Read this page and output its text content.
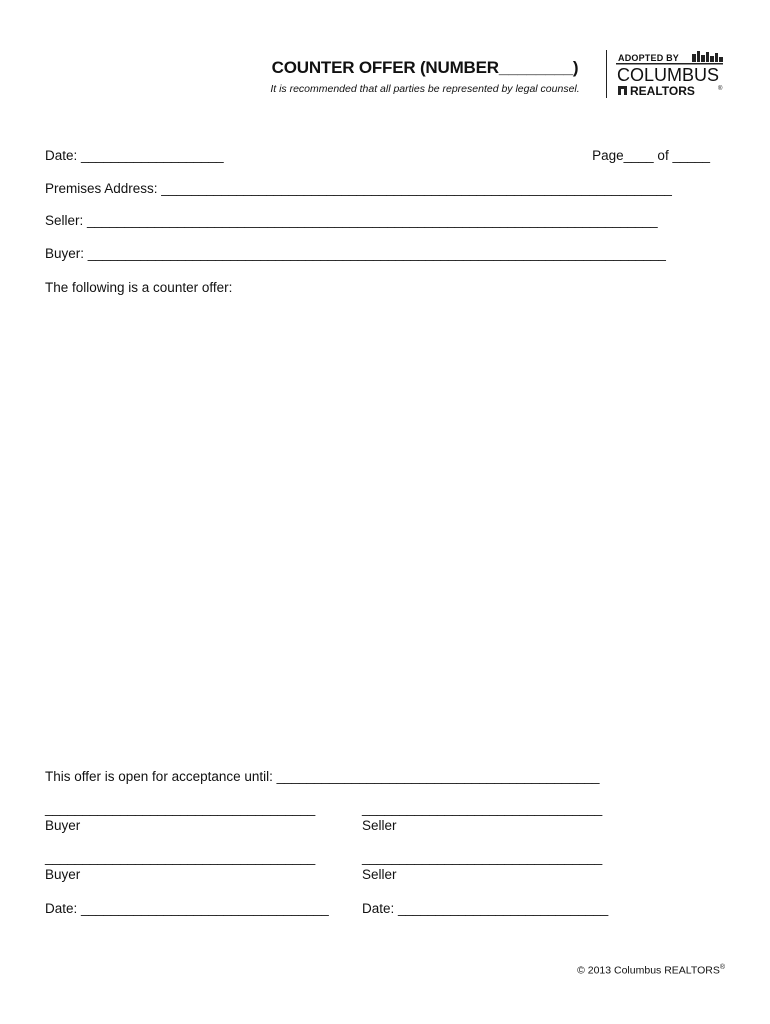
COUNTER OFFER (NUMBER________)
It is recommended that all parties be represented by legal counsel.
ADOPTED BY
COLUMBUS
REALTORS	®
Date: ___________________	Page____ of _____
Premises Address: ____________________________________________________________________
Seller: ____________________________________________________________________________
Buyer: _____________________________________________________________________________
The following is a counter offer:
This offer is open for acceptance until: ___________________________________________
____________________________________	________________________________
Buyer	Seller
____________________________________	________________________________
Buyer	Seller
Date: _________________________________ Date: ____________________________
© 2013 Columbus REALTORS®
